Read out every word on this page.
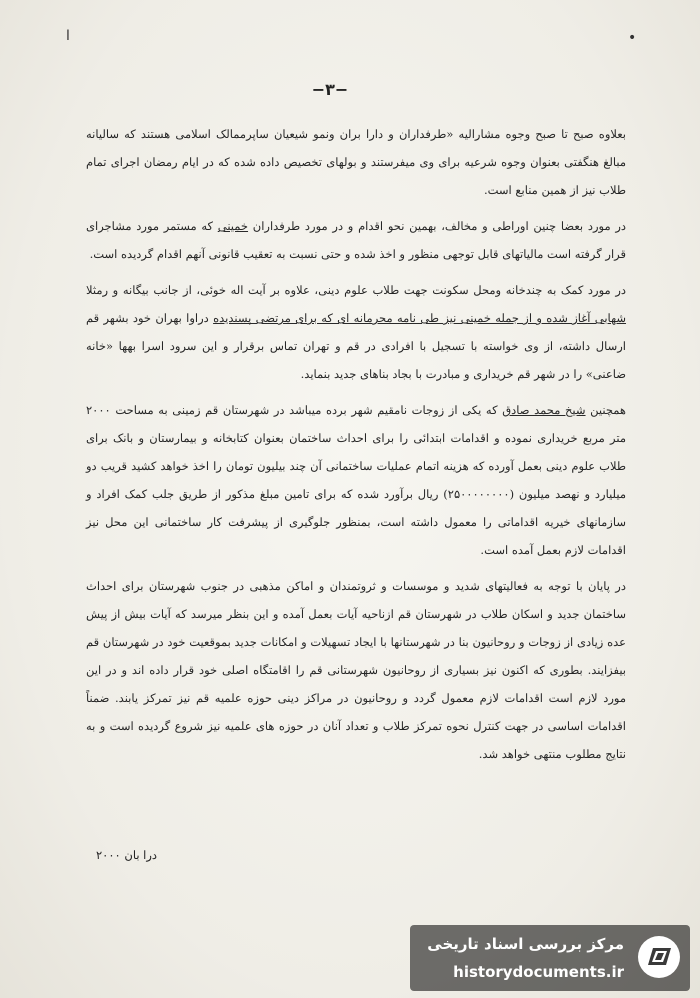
ا	•
−٣−

بعلاوه صبح تا صبح وجوه مشارالیه «طرفداران و دارا بران ونمو شیعیان ساپرممالک اسلامی هستند که سالیانه مبالغ هنگفتی بعنوان وجوه شرعیه برای وی میفرستند و بولهای تخصیص داده شده که در ایام رمضان اجرای تمام طلاب نیز از همین منابع است.

در مورد بعضا چنین اوراطی و مخالف، بهمین نحو اقدام و در مورد طرفداران خمینی که مستمر مورد مشاجرای قرار گرفته است مالیاتهای قابل توجهی منظور و اخذ شده و حتی نسبت به تعقیب قانونی آنهم اقدام گردیده است.

در مورد کمک به چندخانه ومحل سکونت جهت طلاب علوم دینی، علاوه بر آیت اله خوئی، از جانب بیگانه و رمثلا شهابی آغاز شده و از جمله خمینی نیز طی نامه محرمانه ای که برای مرتضی پسندیده دراوا بهران خود بشهر قم ارسال داشته، از وی خواسته با تسجیل با افرادی در قم و تهران تماس برقرار و این سرود اسرا بهها «خانه ضاعنی» را در شهر قم خریداری و مبادرت با بجاد بناهای جدید بنماید.

همچنین شیخ محمد صادق که یکی از زوجات نامقیم شهر برده میباشد در شهرستان قم زمینی به مساحت ۲۰۰۰ متر مربع خریداری نموده و اقدامات ابتدائی را برای احداث ساختمان بعنوان کتابخانه و بیمارستان و بانک برای طلاب علوم دینی بعمل آورده که هزینه اتمام عملیات ساختمانی آن چند بیلیون تومان را اخذ خواهد کشید قریب دو میلیارد و نهصد میلیون (۲۵۰۰۰۰۰۰۰۰) ریال برآورد شده که برای تامین مبلغ مذکور از طریق جلب کمک افراد و سازمانهای خیریه اقداماتی را معمول داشته است، بمنظور جلوگیری از پیشرفت کار ساختمانی این محل نیز اقدامات لازم بعمل آمده است.

در پایان با توجه به فعالیتهای شدید و موسسات و ثروتمندان و اماکن مذهبی در جنوب شهرستان برای احداث ساختمان جدید و اسکان طلاب در شهرستان قم ازناحیه آیات بعمل آمده و این بنظر میرسد که آیات بیش از پیش عده زیادی از زوجات و روحانیون بنا در شهرستانها با ایجاد تسهیلات و امکانات جدید بموقعیت خود در شهرستان قم بیفزایند. بطوری که اکنون نیز بسیاری از روحانیون شهرستانی قم را اقامتگاه اصلی خود قرار داده اند و در این مورد لازم است اقدامات لازم معمول گردد و روحانیون در مراکز دینی حوزه علمیه قم نیز تمرکز یابند. ضمناً اقدامات اساسی در جهت کنترل نحوه تمرکز طلاب و تعداد آنان در حوزه های علمیه نیز شروع گردیده است و به نتایج مطلوب منتهی خواهد شد.

درا بان ۲۰۰۰
مرکز بررسی اسناد تاریخی
historydocuments.ir
